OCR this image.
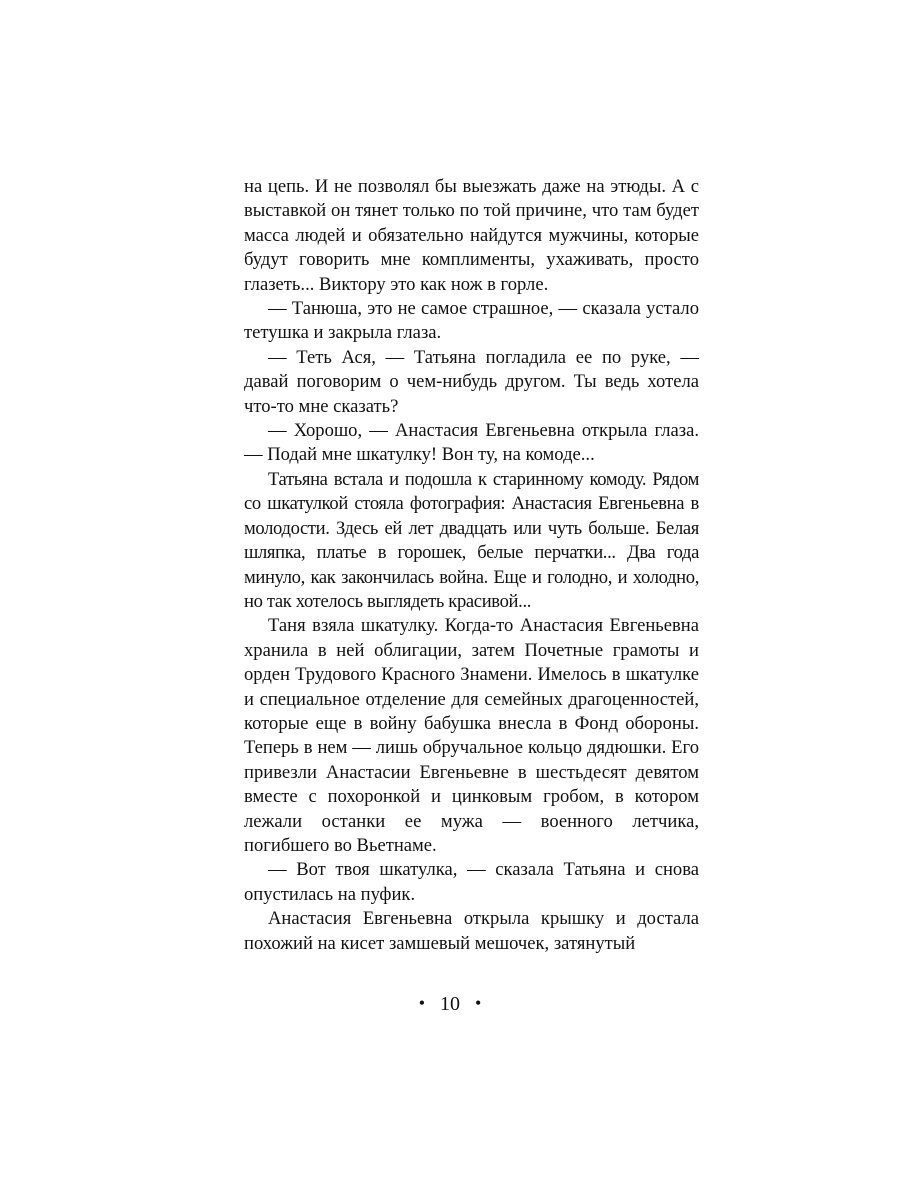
на цепь. И не позволял бы выезжать даже на этюды. А с выставкой он тянет только по той причине, что там будет масса людей и обязательно найдутся мужчины, которые будут говорить мне комплименты, ухаживать, просто глазеть... Виктору это как нож в горле.

— Танюша, это не самое страшное, — сказала устало тетушка и закрыла глаза.

— Теть Ася, — Татьяна погладила ее по руке, — давай поговорим о чем-нибудь другом. Ты ведь хотела что-то мне сказать?

— Хорошо, — Анастасия Евгеньевна открыла глаза. — Подай мне шкатулку! Вон ту, на комоде...

Татьяна встала и подошла к старинному комоду. Рядом со шкатулкой стояла фотография: Анастасия Евгеньевна в молодости. Здесь ей лет двадцать или чуть больше. Белая шляпка, платье в горошек, белые перчатки... Два года минуло, как закончилась война. Еще и голодно, и холодно, но так хотелось выглядеть красивой...

Таня взяла шкатулку. Когда-то Анастасия Евгеньевна хранила в ней облигации, затем Почетные грамоты и орден Трудового Красного Знамени. Имелось в шкатулке и специальное отделение для семейных драгоценностей, которые еще в войну бабушка внесла в Фонд обороны. Теперь в нем — лишь обручальное кольцо дядюшки. Его привезли Анастасии Евгеньевне в шестьдесят девятом вместе с похоронкой и цинковым гробом, в котором лежали останки ее мужа — военного летчика, погибшего во Вьетнаме.

— Вот твоя шкатулка, — сказала Татьяна и снова опустилась на пуфик.

Анастасия Евгеньевна открыла крышку и достала похожий на кисет замшевый мешочек, затянутый

• 10 •
